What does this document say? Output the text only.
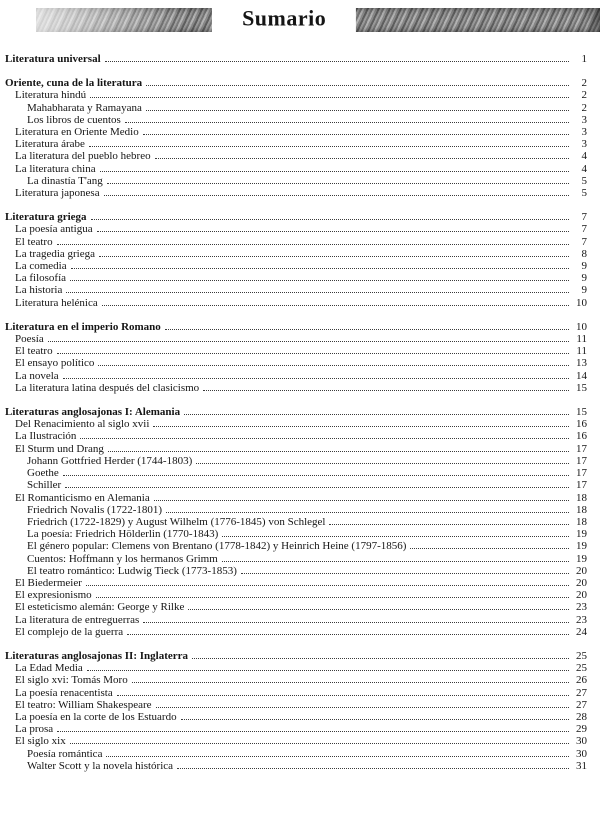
Sumario
Literatura universal	1
Oriente, cuna de la literatura	2
Literatura hindú	2
Mahabharata y Ramayana	2
Los libros de cuentos	3
Literatura en Oriente Medio	3
Literatura árabe	3
La literatura del pueblo hebreo	4
La literatura china	4
La dinastía T'ang	5
Literatura japonesa	5
Literatura griega	7
La poesía antigua	7
El teatro	7
La tragedia griega	8
La comedia	9
La filosofía	9
La historia	9
Literatura helénica	10
Literatura en el imperio Romano	10
Poesía	11
El teatro	11
El ensayo político	13
La novela	14
La literatura latina después del clasicismo	15
Literaturas anglosajonas I: Alemania	15
Del Renacimiento al siglo xvii	16
La Ilustración	16
El Sturm und Drang	17
Johann Gottfried Herder (1744-1803)	17
Goethe	17
Schiller	17
El Romanticismo en Alemania	18
Friedrich Novalis (1722-1801)	18
Friedrich (1722-1829) y August Wilhelm (1776-1845) von Schlegel	18
La poesía: Friedrich Hölderlin (1770-1843)	19
El género popular: Clemens von Brentano (1778-1842) y Heinrich Heine (1797-1856)	19
Cuentos: Hoffmann y los hermanos Grimm	19
El teatro romántico: Ludwig Tieck (1773-1853)	20
El Biedermeier	20
El expresionismo	20
El esteticismo alemán: George y Rilke	23
La literatura de entreguerras	23
El complejo de la guerra	24
Literaturas anglosajonas II: Inglaterra	25
La Edad Media	25
El siglo xvi: Tomás Moro	26
La poesía renacentista	27
El teatro: William Shakespeare	27
La poesía en la corte de los Estuardo	28
La prosa	29
El siglo xix	30
Poesía romántica	30
Walter Scott y la novela histórica	31
